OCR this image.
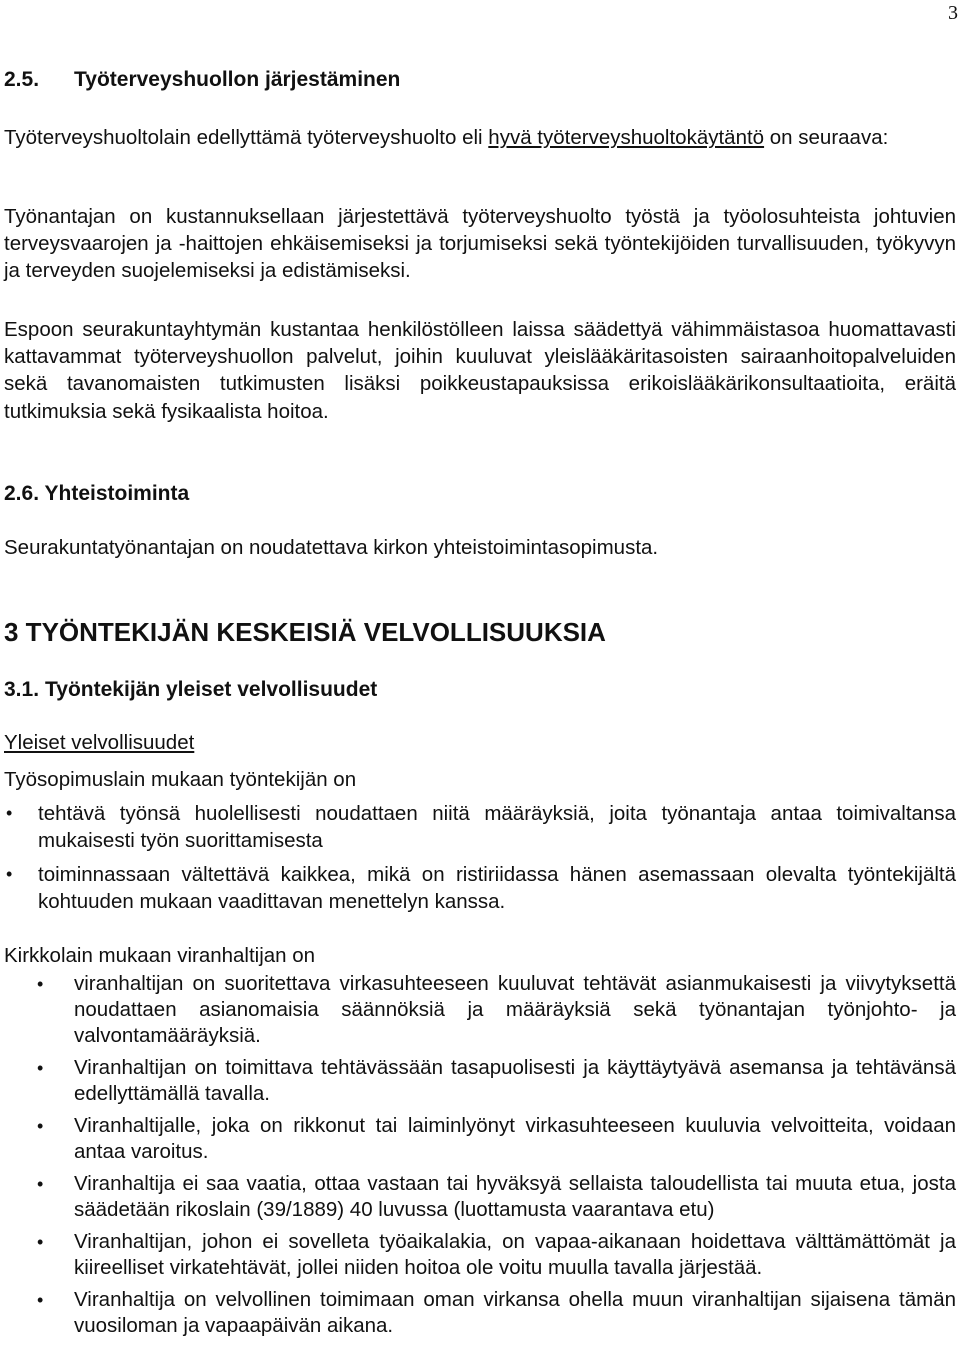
3
2.5. Työterveyshuollon järjestäminen

Työterveyshuoltolain edellyttämä työterveyshuolto eli hyvä työterveyshuoltokäytäntö on seuraava:

Työnantajan on kustannuksellaan järjestettävä työterveyshuolto työstä ja työolosuhteista johtuvien terveysvaarojen ja -haittojen ehkäisemiseksi ja torjumiseksi sekä työntekijöiden turvallisuuden, työkyvyn ja terveyden suojelemiseksi ja edistämiseksi.

Espoon seurakuntayhtymän kustantaa henkilöstölleen laissa säädettyä vähimmäistasoa huomattavasti kattavammat työterveyshuollon palvelut, joihin kuuluvat yleislääkäritasoisten sairaanhoitopalveluiden sekä tavanomaisten tutkimusten lisäksi poikkeustapauksissa erikoislääkärikonsultaatioita, eräitä tutkimuksia sekä fysikaalista hoitoa.

2.6. Yhteistoiminta

Seurakuntatyönantajan on noudatettava kirkon yhteistoimintasopimusta.

3 TYÖNTEKIJÄN KESKEISIÄ VELVOLLISUUKSIA
3.1. Työntekijän yleiset velvollisuudet

Yleiset velvollisuudet

Työsopimuslain mukaan työntekijän on

•	tehtävä työnsä huolellisesti noudattaen niitä määräyksiä, joita työnantaja antaa toimivaltansa mukaisesti työn suorittamisesta
•	toiminnassaan vältettävä kaikkea, mikä on ristiriidassa hänen asemassaan olevalta työntekijältä kohtuuden mukaan vaadittavan menettelyn kanssa.

Kirkkolain mukaan viranhaltijan on

•	viranhaltijan on suoritettava virkasuhteeseen kuuluvat tehtävät asianmukaisesti ja viivytyksettä noudattaen asianomaisia säännöksiä ja määräyksiä sekä työnantajan työnjohto- ja valvontamääräyksiä.
•	Viranhaltijan on toimittava tehtävässään tasapuolisesti ja käyttäytyävä asemansa ja tehtävänsä edellyttämällä tavalla.
•	Viranhaltijalle, joka on rikkonut tai laiminlyönyt virkasuhteeseen kuuluvia velvoitteita, voidaan antaa varoitus.
•	Viranhaltija ei saa vaatia, ottaa vastaan tai hyväksyä sellaista taloudellista tai muuta etua, josta säädetään rikoslain (39/1889) 40 luvussa (luottamusta vaarantava etu)
•	Viranhaltijan, johon ei sovelleta työaikalakia, on vapaa-aikanaan hoidettava välttämättömät ja kiireelliset virkatehtävät, jollei niiden hoitoa ole voitu muulla tavalla järjestää.
•	Viranhaltija on velvollinen toimimaan oman virkansa ohella muun viranhaltijan sijaisena tämän vuosiloman ja vapaapäivän aikana.
